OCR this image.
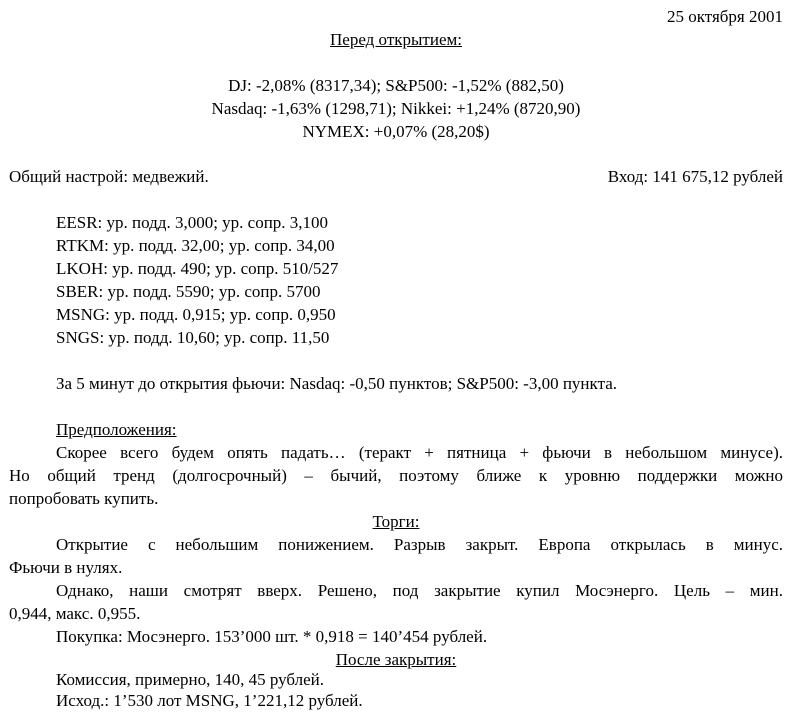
25 октября 2001
Перед открытием:
DJ: -2,08% (8317,34); S&P500: -1,52% (882,50)
Nasdaq: -1,63% (1298,71); Nikkei: +1,24% (8720,90)
NYMEX: +0,07% (28,20$)
Общий настрой: медвежий.	Вход: 141 675,12 рублей
EESR: ур. подд. 3,000; ур. сопр. 3,100
RTKM: ур. подд. 32,00; ур. сопр. 34,00
LKOH: ур. подд. 490; ур. сопр. 510/527
SBER: ур. подд. 5590; ур. сопр. 5700
MSNG: ур. подд. 0,915; ур. сопр. 0,950
SNGS: ур. подд. 10,60; ур. сопр. 11,50
За 5 минут до открытия фьючи: Nasdaq: -0,50 пунктов; S&P500: -3,00 пункта.
Предположения:
Скорее всего будем опять падать… (теракт + пятница + фьючи в небольшом минусе).
Но общий тренд (долгосрочный) – бычий, поэтому ближе к уровню поддержки можно
попробовать купить.
Торги:
Открытие с небольшим понижением. Разрыв закрыт. Европа открылась в минус.
Фьючи в нулях.
Однако, наши смотрят вверх. Решено, под закрытие купил Мосэнерго. Цель – мин.
0,944, макс. 0,955.
Покупка: Мосэнерго. 153’000 шт. * 0,918 = 140’454 рублей.
После закрытия:
Комиссия, примерно, 140, 45 рублей.
Исход.: 1’530 лот MSNG, 1’221,12 рублей.
